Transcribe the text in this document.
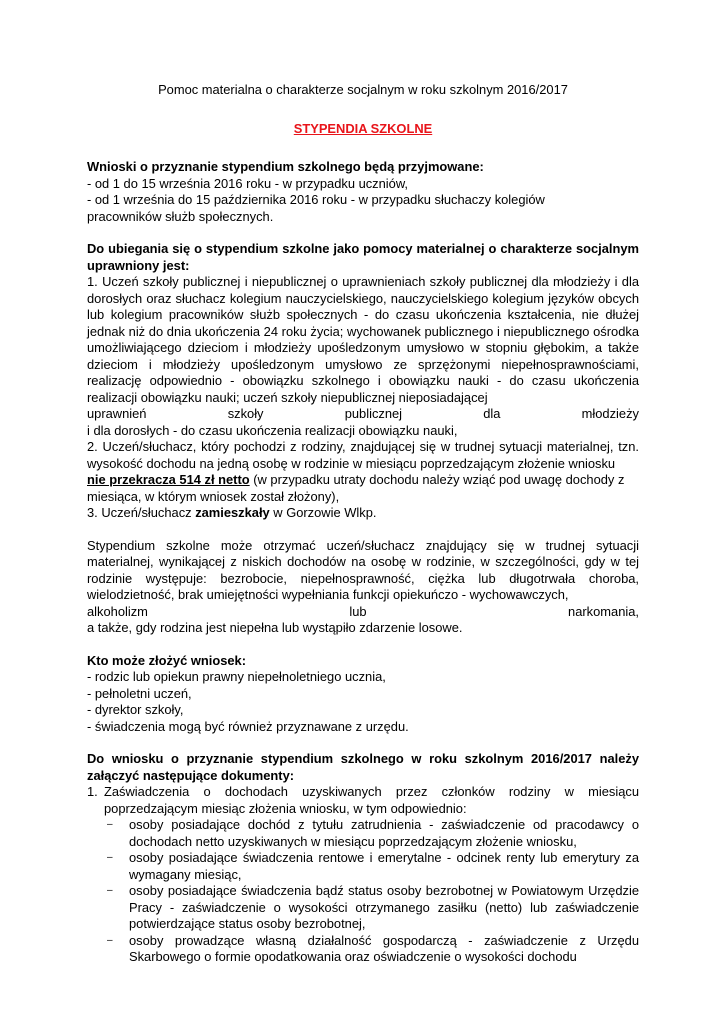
Pomoc materialna o charakterze socjalnym w roku szkolnym 2016/2017

STYPENDIA SZKOLNE

Wnioski o przyznanie stypendium szkolnego będą przyjmowane:

- od 1 do 15 września 2016 roku - w przypadku uczniów,

- od 1 września do 15 października 2016 roku - w przypadku słuchaczy kolegiów pracowników służb społecznych.

Do ubiegania się o stypendium szkolne jako pomocy materialnej o charakterze socjalnym uprawniony jest:

1. Uczeń szkoły publicznej i niepublicznej o uprawnieniach szkoły publicznej dla młodzieży i dla dorosłych oraz słuchacz kolegium nauczycielskiego, nauczycielskiego kolegium języków obcych lub kolegium pracowników służb społecznych - do czasu ukończenia kształcenia, nie dłużej jednak niż do dnia ukończenia 24 roku życia; wychowanek publicznego i niepublicznego ośrodka umożliwiającego dzieciom i młodzieży upośledzonym umysłowo w stopniu głębokim, a także dzieciom i młodzieży upośledzonym umysłowo ze sprzężonymi niepełnosprawnościami, realizację odpowiednio - obowiązku szkolnego i obowiązku nauki - do czasu ukończenia realizacji obowiązku nauki; uczeń szkoły niepublicznej nieposiadającej

uprawnień	szkoły	publicznej	dla	młodzieży

i dla dorosłych - do czasu ukończenia realizacji obowiązku nauki,

2. Uczeń/słuchacz, który pochodzi z rodziny, znajdującej się w trudnej sytuacji materialnej, tzn. wysokość dochodu na jedną osobę w rodzinie w miesiącu poprzedzającym złożenie wniosku

nie przekracza 514 zł netto (w przypadku utraty dochodu należy wziąć pod uwagę dochody z miesiąca, w którym wniosek został złożony),

3. Uczeń/słuchacz zamieszkały w Gorzowie Wlkp.

Stypendium szkolne może otrzymać uczeń/słuchacz znajdujący się w trudnej sytuacji materialnej, wynikającej z niskich dochodów na osobę w rodzinie, w szczególności, gdy w tej rodzinie występuje: bezrobocie, niepełnosprawność, ciężka lub długotrwała choroba, wielodzietność, brak umiejętności wypełniania funkcji opiekuńczo - wychowawczych,

alkoholizm	lub	narkomania,

a także, gdy rodzina jest niepełna lub wystąpiło zdarzenie losowe.

Kto może złożyć wniosek:

- rodzic lub opiekun prawny niepełnoletniego ucznia,

- pełnoletni uczeń,

- dyrektor szkoły,

- świadczenia mogą być również przyznawane z urzędu.

Do wniosku o przyznanie stypendium szkolnego w roku szkolnym 2016/2017 należy załączyć następujące dokumenty:

1. Zaświadczenia o dochodach uzyskiwanych przez członków rodziny w miesiącu poprzedzającym miesiąc złożenia wniosku, w tym odpowiednio:
– osoby posiadające dochód z tytułu zatrudnienia - zaświadczenie od pracodawcy o dochodach netto uzyskiwanych w miesiącu poprzedzającym złożenie wniosku,
– osoby posiadające świadczenia rentowe i emerytalne - odcinek renty lub emerytury za wymagany miesiąc,
– osoby posiadające świadczenia bądź status osoby bezrobotnej w Powiatowym Urzędzie Pracy - zaświadczenie o wysokości otrzymanego zasiłku (netto) lub zaświadczenie potwierdzające status osoby bezrobotnej,
– osoby prowadzące własną działalność gospodarczą - zaświadczenie z Urzędu Skarbowego o formie opodatkowania oraz oświadczenie o wysokości dochodu
